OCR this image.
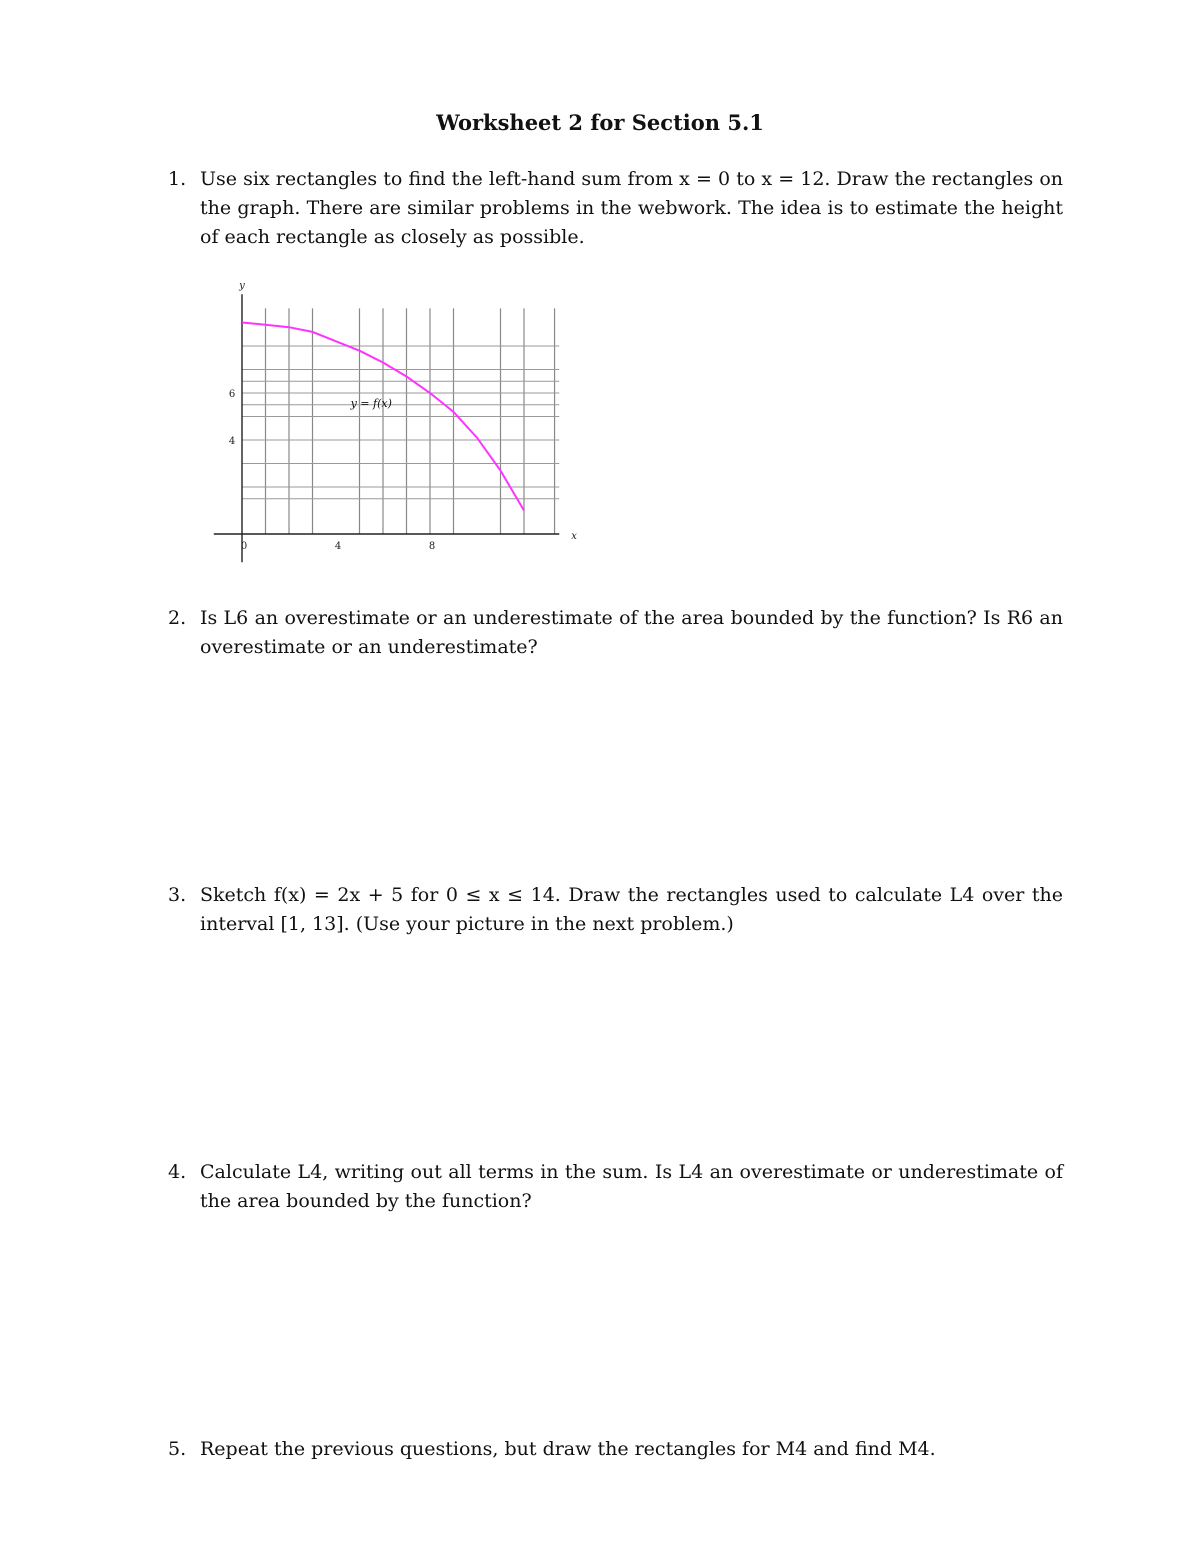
Worksheet 2 for Section 5.1
1. Use six rectangles to find the left-hand sum from x = 0 to x = 12. Draw the rectangles on the graph. There are similar problems in the webwork. The idea is to estimate the height of each rectangle as closely as possible.
0	4	8
4
6
x
y
y = f(x)
2. Is L6 an overestimate or an underestimate of the area bounded by the function? Is R6 an overestimate or an underestimate?
3. Sketch f(x) = 2x + 5 for 0 ≤ x ≤ 14. Draw the rectangles used to calculate L4 over the interval [1, 13]. (Use your picture in the next problem.)
4. Calculate L4, writing out all terms in the sum. Is L4 an overestimate or underestimate of the area bounded by the function?
5. Repeat the previous questions, but draw the rectangles for M4 and find M4.
